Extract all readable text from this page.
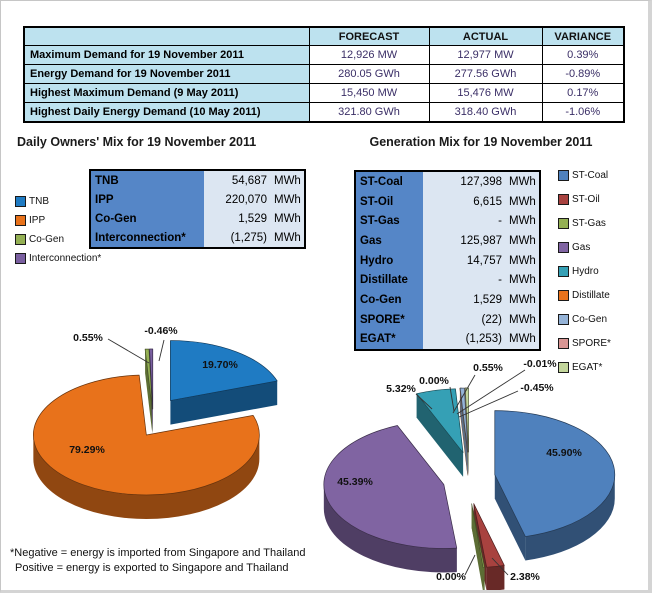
19.70%
79.29%
0.55%
-0.46%
45.90%
2.38%
0.00%
45.39%
5.32%
0.00%
0.55% -0.01%
-0.45%
	FORECAST	ACTUAL	VARIANCE
Maximum Demand for 19 November 2011	12,926 MW	12,977 MW	0.39%
Energy Demand for 19 November 2011	280.05 GWh	277.56 GWh	-0.89%
Highest Maximum Demand (9 May 2011)	15,450 MW	15,476 MW	0.17%
Highest Daily Energy Demand (10 May 2011)	321.80 GWh	318.40 GWh	-1.06%
Daily Owners' Mix for 19 November 2011	Generation Mix for 19 November 2011
TNB
IPP
Co-Gen
Interconnection*
TNB	54,687 MWh
IPP	220,070 MWh
Co-Gen	1,529 MWh
Interconnection*	(1,275) MWh
ST-Coal	127,398 MWh
ST-Oil	6,615 MWh
ST-Gas	- MWh
Gas	125,987 MWh
Hydro	14,757 MWh
Distillate	- MWh
Co-Gen	1,529 MWh
SPORE*	(22) MWh
EGAT*	(1,253) MWh
ST-Coal
ST-Oil
ST-Gas
Gas
Hydro
Distillate
Co-Gen
SPORE*
EGAT*
*Negative = energy is imported from Singapore and Thailand
Positive = energy is exported to Singapore and Thailand
